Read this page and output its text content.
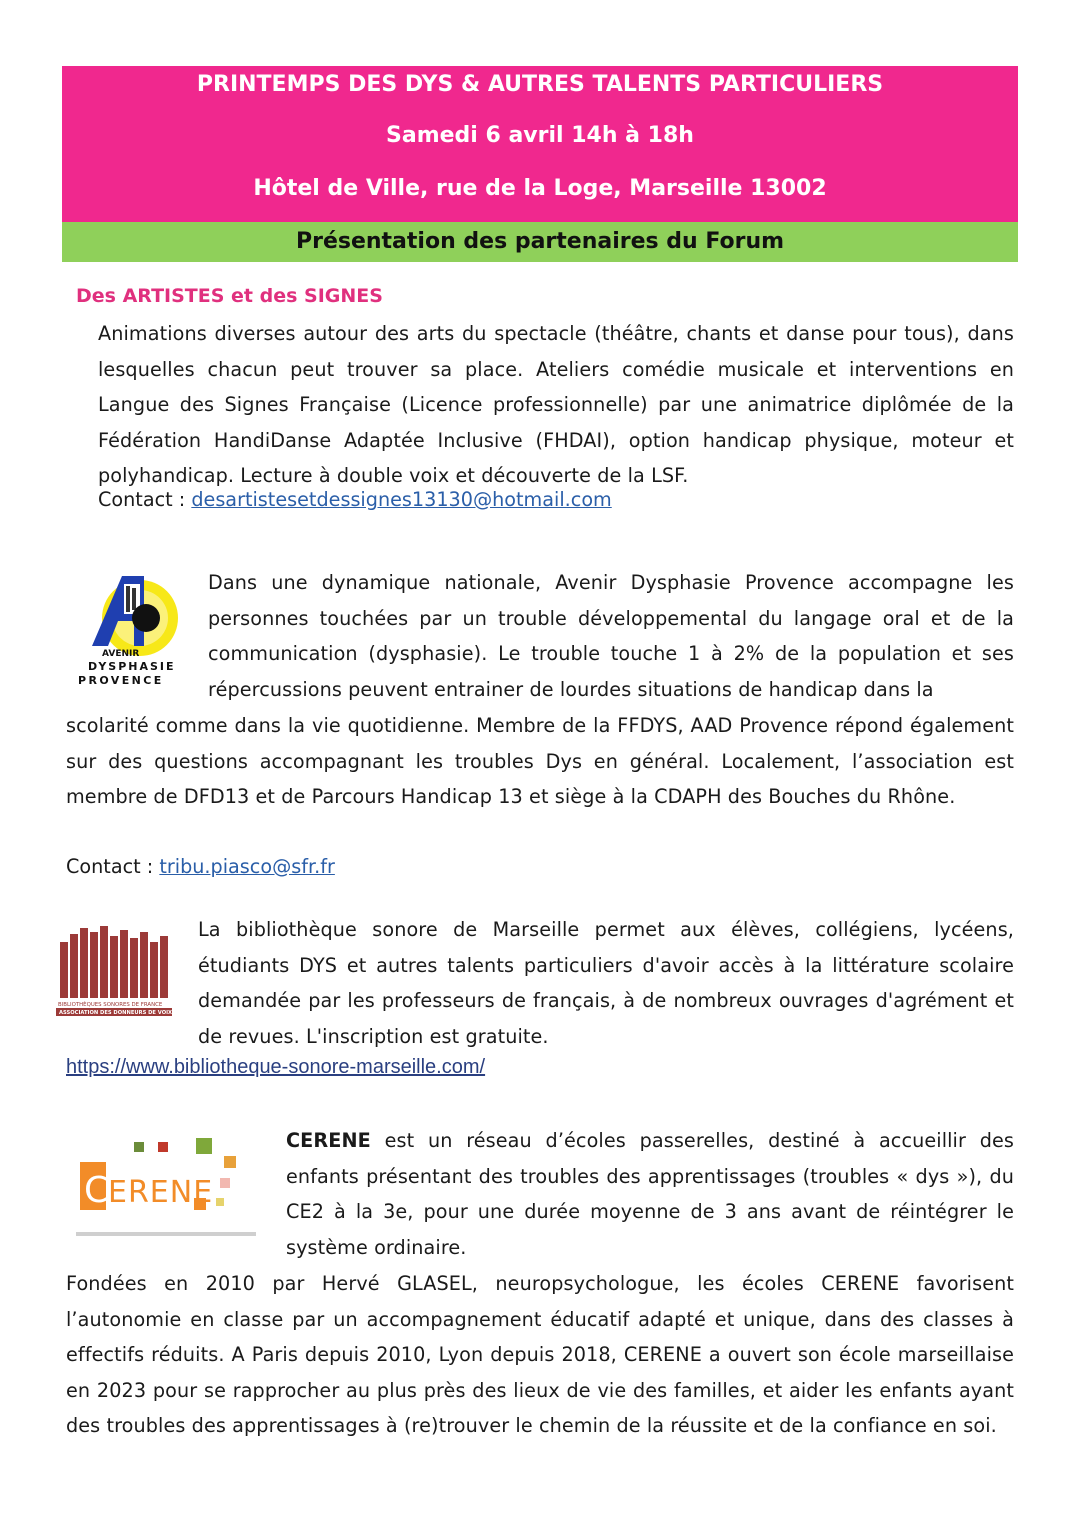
PRINTEMPS DES DYS & AUTRES TALENTS PARTICULIERS
Samedi 6 avril 14h à 18h
Hôtel de Ville, rue de la Loge, Marseille 13002
Présentation des partenaires du Forum
Des ARTISTES et des SIGNES

Animations diverses autour des arts du spectacle (théâtre, chants et danse pour tous), dans lesquelles chacun peut trouver sa place. Ateliers comédie musicale et interventions en Langue des Signes Française (Licence professionnelle) par une animatrice diplômée de la Fédération HandiDanse Adaptée Inclusive (FHDAI), option handicap physique, moteur et polyhandicap. Lecture à double voix et découverte de la LSF.

Contact : desartistesetdessignes13130@hotmail.com
AVENIR
DYSPHASIE
PROVENCE

Dans une dynamique nationale, Avenir Dysphasie Provence accompagne les personnes touchées par un trouble développemental du langage oral et de la communication (dysphasie). Le trouble touche 1 à 2% de la population et ses répercussions peuvent entrainer de lourdes situations de handicap dans la

scolarité comme dans la vie quotidienne. Membre de la FFDYS, AAD Provence répond également sur des questions accompagnant les troubles Dys en général. Localement, l’association est membre de DFD13 et de Parcours Handicap 13 et siège à la CDAPH des Bouches du Rhône.

Contact : tribu.piasco@sfr.fr
BIBLIOTHÈQUES SONORES DE FRANCE
ASSOCIATION DES DONNEURS DE VOIX

La bibliothèque sonore de Marseille permet aux élèves, collégiens, lycéens, étudiants DYS et autres talents particuliers d'avoir accès à la littérature scolaire demandée par les professeurs de français, à de nombreux ouvrages d'agrément et de revues. L'inscription est gratuite.

https://www.bibliotheque-sonore-marseille.com/
C
ERENE

CERENE est un réseau d’écoles passerelles, destiné à accueillir des enfants présentant des troubles des apprentissages (troubles « dys »), du CE2 à la 3e, pour une durée moyenne de 3 ans avant de réintégrer le système ordinaire.

Fondées en 2010 par Hervé GLASEL, neuropsychologue, les écoles CERENE favorisent l’autonomie en classe par un accompagnement éducatif adapté et unique, dans des classes à effectifs réduits. A Paris depuis 2010, Lyon depuis 2018, CERENE a ouvert son école marseillaise en 2023 pour se rapprocher au plus près des lieux de vie des familles, et aider les enfants ayant des troubles des apprentissages à (re)trouver le chemin de la réussite et de la confiance en soi.
